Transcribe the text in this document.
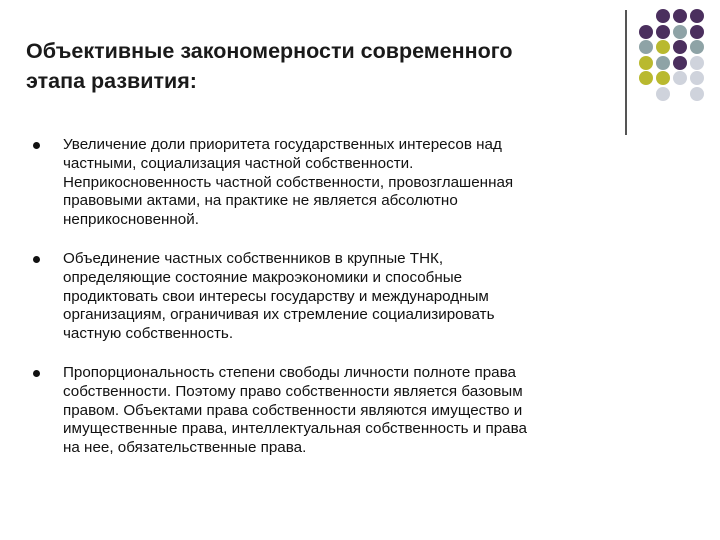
Объективные закономерности современного
этапа развития:
Увеличение доли приоритета государственных интересов над
частными, социализация частной собственности.
Неприкосновенность частной собственности, провозглашенная
правовыми актами, на практике не является абсолютно
неприкосновенной.
Объединение частных собственников в крупные ТНК,
определяющие состояние макроэкономики и способные
продиктовать свои интересы государству и международным
организациям, ограничивая их стремление социализировать
частную собственность.
Пропорциональность степени свободы личности полноте права
собственности. Поэтому право собственности является базовым
правом. Объектами права собственности являются имущество и
имущественные права, интеллектуальная собственность и права
на нее, обязательственные права.
